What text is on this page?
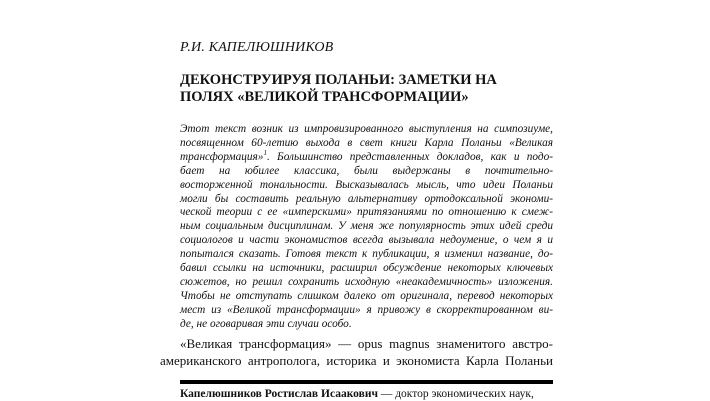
Р.И. КАПЕЛЮШНИКОВ
ДЕКОНСТРУИРУЯ ПОЛАНЬИ: ЗАМЕТКИ НА
ПОЛЯХ «ВЕЛИКОЙ ТРАНСФОРМАЦИИ»
Этот текст возник из импровизированного выступления на симпозиуме,
посвященном 60-летию выхода в свет книги Карла Поланьи «Великая
трансформация»$^1$. Большинство представленных докладов, как и подо-
бает на юбилее классика, были выдержаны в почтительно-
восторженной тональности. Высказывалась мысль, что идеи Поланьи
могли бы составить реальную альтернативу ортодоксальной экономи-
ческой теории с ее «имперскими» притязаниями по отношению к смеж-
ным социальным дисциплинам. У меня же популярность этих идей среди
социологов и части экономистов всегда вызывала недоумение, о чем я и
попытался сказать. Готовя текст к публикации, я изменил название, до-
бавил ссылки на источники, расширил обсуждение некоторых ключевых
сюжетов, но решил сохранить исходную «неакадемичность» изложения.
Чтобы не отступать слишком далеко от оригинала, перевод некоторых
мест из «Великой трансформации» я привожу в скорректированном ви-
де, не оговаривая эти случаи особо.
«Великая трансформация» — opus magnus знаменитого австро-
американского антрополога, историка и экономиста Карла Поланьи
Капелюшников Ростислав Исаакович — доктор экономических наук,
